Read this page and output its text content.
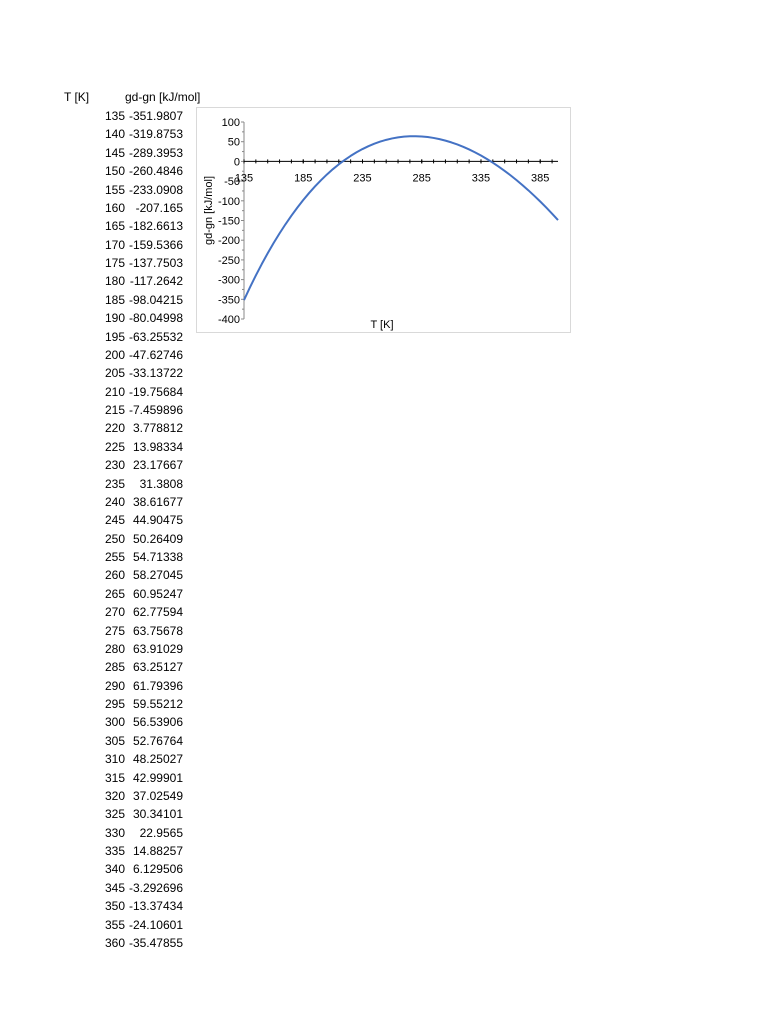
T [K]	gd-gn [kJ/mol]
135 -351.9807
140 -319.8753
145 -289.3953
150 -260.4846
155 -233.0908
160 -207.165
165 -182.6613
170 -159.5366
175 -137.7503
180 -117.2642
185 -98.04215
190 -80.04998
195 -63.25532
200 -47.62746
205 -33.13722
210 -19.75684
215 -7.459896
220 3.778812
225 13.98334
230 23.17667
235	31.3808
240 38.61677
245 44.90475
250 50.26409
255 54.71338
260 58.27045
265 60.95247
270 62.77594
275 63.75678
280 63.91029
285 63.25127
290 61.79396
295 59.55212
300 56.53906
305 52.76764
310 48.25027
315 42.99901
320 37.02549
325 30.34101
330	22.9565
335 14.88257
340 6.129506
345 -3.292696
350 -13.37434
355 -24.10601
360 -35.47855
100
50
0
-50
-100
-150
-200
-250
-300
-350
-400
135	185	235	285	335	385
T [K]
gd-gn [kJ/mol]
